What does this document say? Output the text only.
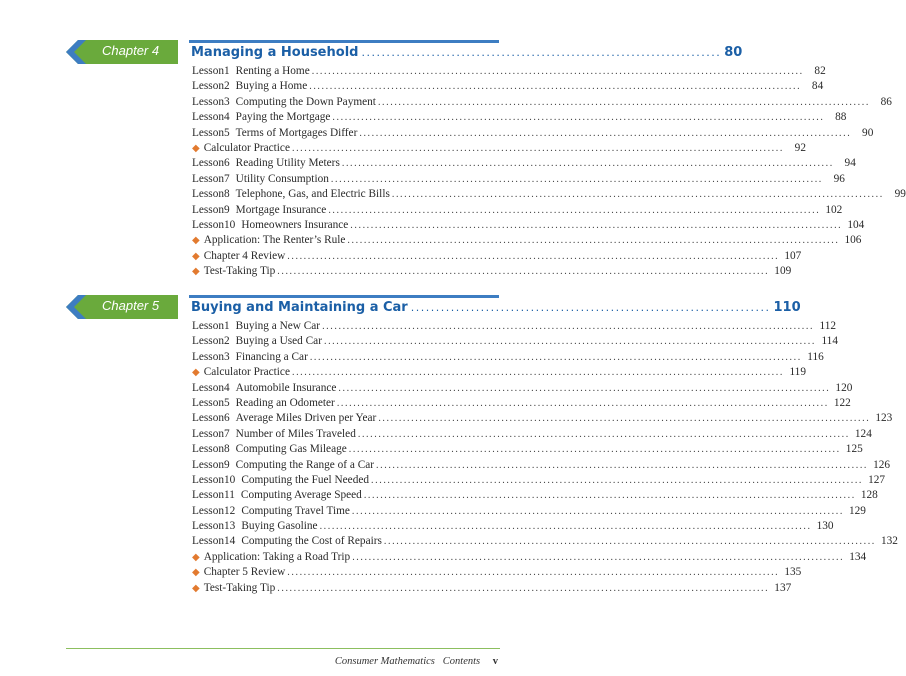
Chapter 4 Managing a Household ........................................................................ 80
Lesson 1 Renting a Home ........................................................................................................................ 82
Lesson 2 Buying a Home ........................................................................................................................ 84
Lesson 3 Computing the Down Payment ........................................................................................................................ 86
Lesson 4 Paying the Mortgage ........................................................................................................................ 88
Lesson 5 Terms of Mortgages Differ ........................................................................................................................ 90
◆ Calculator Practice ........................................................................................................................ 92
Lesson 6 Reading Utility Meters ........................................................................................................................ 94
Lesson 7 Utility Consumption ........................................................................................................................ 96
Lesson 8 Telephone, Gas, and Electric Bills ........................................................................................................................ 99
Lesson 9 Mortgage Insurance ........................................................................................................................ 102
Lesson 10 Homeowners Insurance ........................................................................................................................ 104
◆ Application: The Renter’s Rule ........................................................................................................................ 106
◆ Chapter 4 Review ........................................................................................................................ 107
◆ Test-Taking Tip ........................................................................................................................ 109
Chapter 5 Buying and Maintaining a Car ........................................................................ 110
Lesson 1 Buying a New Car ........................................................................................................................ 112
Lesson 2 Buying a Used Car ........................................................................................................................ 114
Lesson 3 Financing a Car ........................................................................................................................ 116
◆ Calculator Practice ........................................................................................................................ 119
Lesson 4 Automobile Insurance ........................................................................................................................ 120
Lesson 5 Reading an Odometer ........................................................................................................................ 122
Lesson 6 Average Miles Driven per Year ........................................................................................................................ 123
Lesson 7 Number of Miles Traveled ........................................................................................................................ 124
Lesson 8 Computing Gas Mileage ........................................................................................................................ 125
Lesson 9 Computing the Range of a Car ........................................................................................................................ 126
Lesson 10 Computing the Fuel Needed ........................................................................................................................ 127
Lesson 11 Computing Average Speed ........................................................................................................................ 128
Lesson 12 Computing Travel Time ........................................................................................................................ 129
Lesson 13 Buying Gasoline ........................................................................................................................ 130
Lesson 14 Computing the Cost of Repairs ........................................................................................................................ 132
◆ Application: Taking a Road Trip ........................................................................................................................ 134
◆ Chapter 5 Review ........................................................................................................................ 135
◆ Test-Taking Tip ........................................................................................................................ 137
Consumer Mathematics Contents v
